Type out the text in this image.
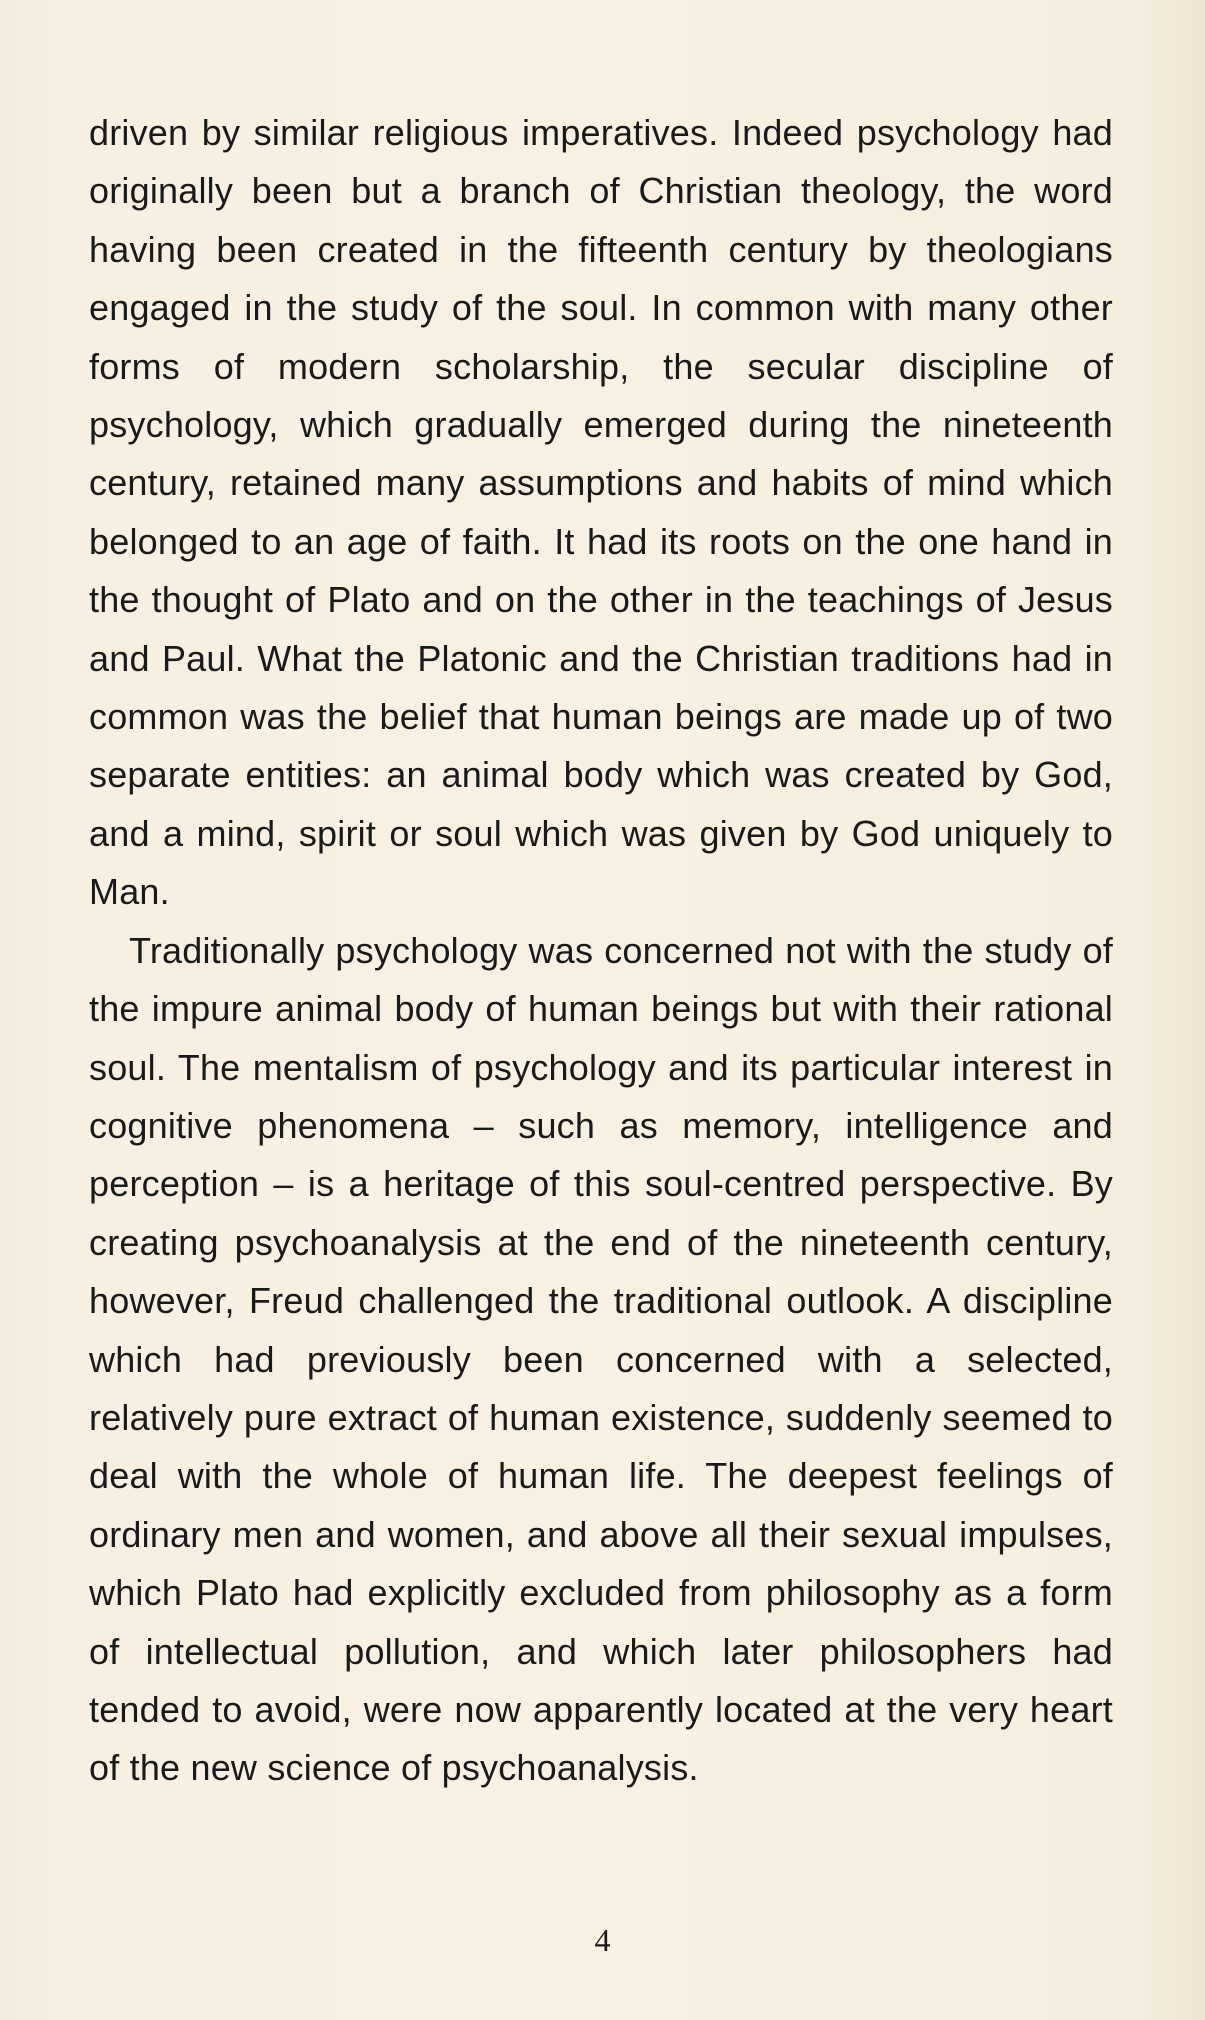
driven by similar religious imperatives. Indeed psychology had originally been but a branch of Christian theology, the word having been created in the fifteenth century by theologians engaged in the study of the soul. In common with many other forms of modern scholarship, the secular discipline of psychology, which gradually emerged during the nineteenth century, retained many assumptions and habits of mind which belonged to an age of faith. It had its roots on the one hand in the thought of Plato and on the other in the teachings of Jesus and Paul. What the Platonic and the Christian traditions had in common was the belief that human beings are made up of two separate entities: an animal body which was created by God, and a mind, spirit or soul which was given by God uniquely to Man.

Traditionally psychology was concerned not with the study of the impure animal body of human beings but with their rational soul. The mentalism of psychology and its particular interest in cognitive phenomena – such as memory, intelligence and perception – is a heritage of this soul-centred perspective. By creating psychoanalysis at the end of the nineteenth century, however, Freud challenged the traditional outlook. A discipline which had previously been concerned with a selected, relatively pure extract of human existence, suddenly seemed to deal with the whole of human life. The deepest feelings of ordinary men and women, and above all their sexual impulses, which Plato had explicitly excluded from philosophy as a form of intellectual pollution, and which later philosophers had tended to avoid, were now apparently located at the very heart of the new science of psychoanalysis.

4
